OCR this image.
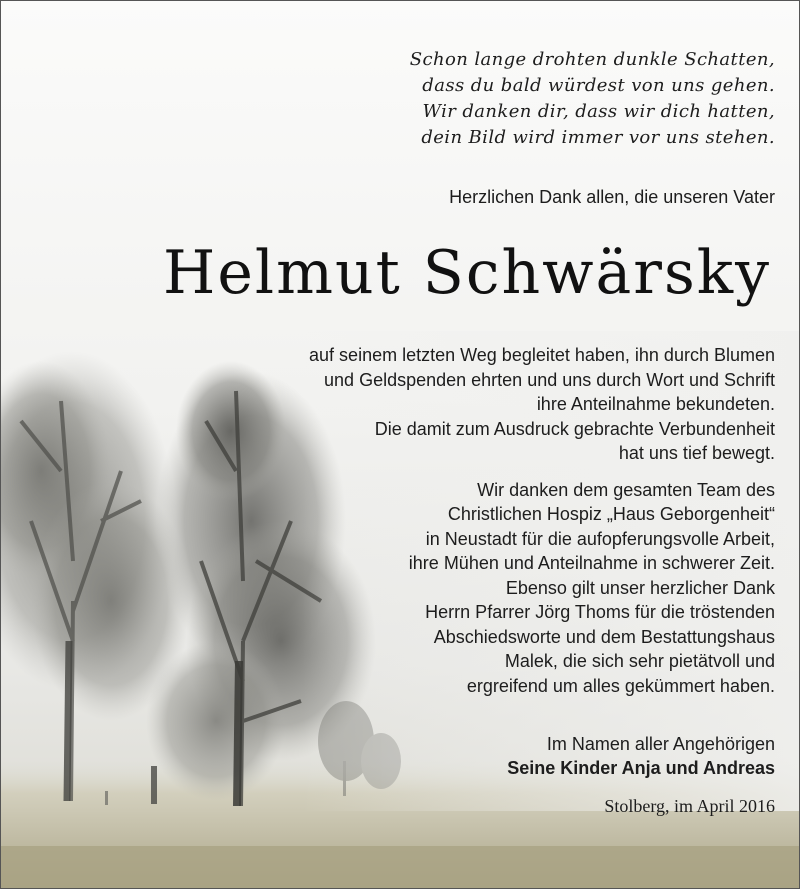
Schon lange drohten dunkle Schatten,
dass du bald würdest von uns gehen.
Wir danken dir, dass wir dich hatten,
dein Bild wird immer vor uns stehen.
Herzlichen Dank allen, die unseren Vater
Helmut Schwärsky
auf seinem letzten Weg begleitet haben, ihn durch Blumen
und Geldspenden ehrten und uns durch Wort und Schrift
ihre Anteilnahme bekundeten.
Die damit zum Ausdruck gebrachte Verbundenheit
hat uns tief bewegt.
Wir danken dem gesamten Team des
Christlichen Hospiz „Haus Geborgenheit“
in Neustadt für die aufopferungsvolle Arbeit,
ihre Mühen und Anteilnahme in schwerer Zeit.
Ebenso gilt unser herzlicher Dank
Herrn Pfarrer Jörg Thoms für die tröstenden
Abschiedsworte und dem Bestattungshaus
Malek, die sich sehr pietätvoll und
ergreifend um alles gekümmert haben.
Im Namen aller Angehörigen
Seine Kinder Anja und Andreas
Stolberg, im April 2016
